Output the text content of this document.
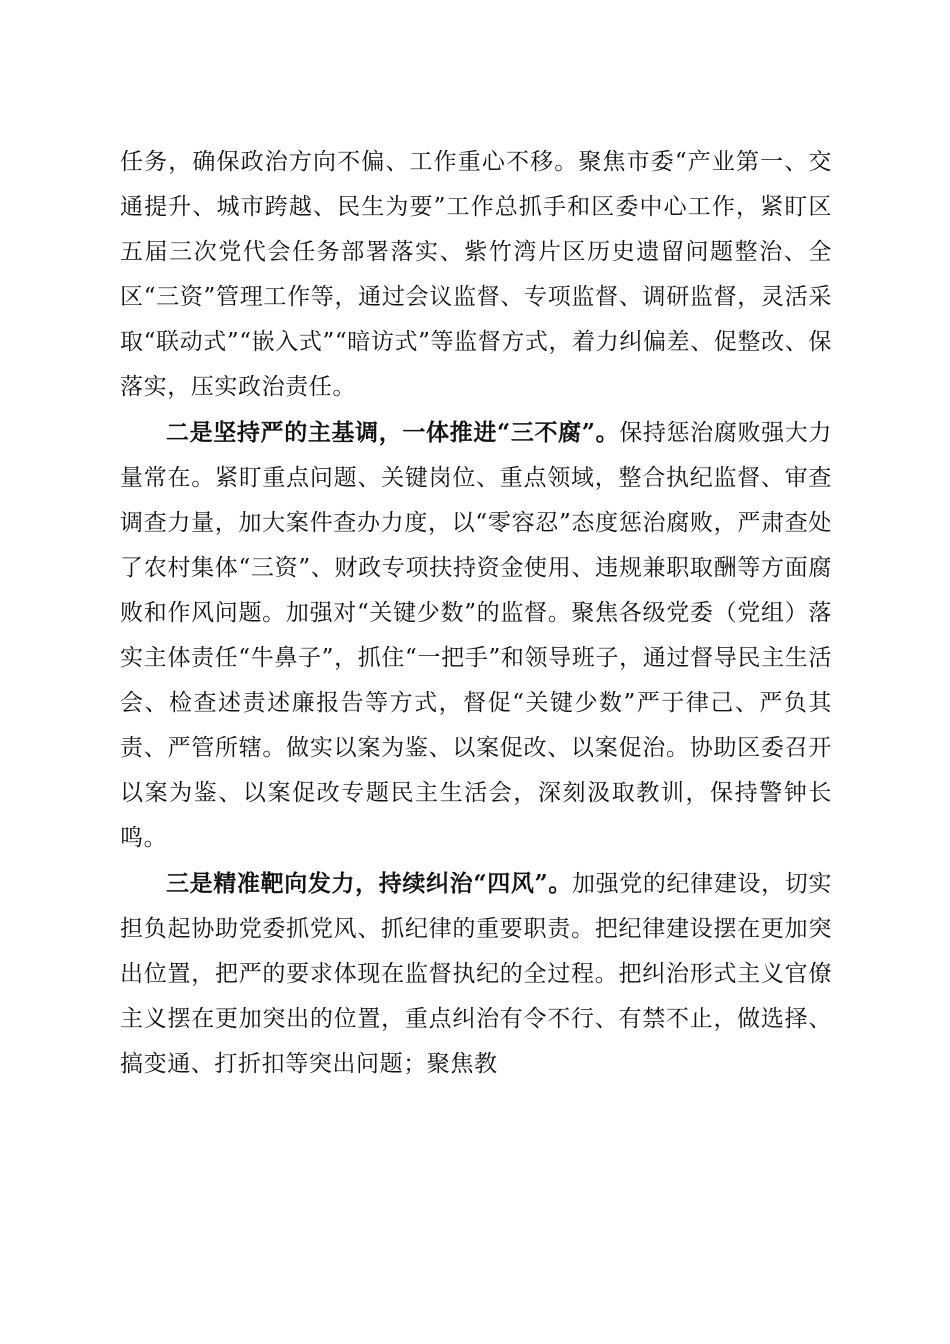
任务，确保政治方向不偏、工作重心不移。聚焦市委“产业第一、交通提升、城市跨越、民生为要”工作总抓手和区委中心工作，紧盯区五届三次党代会任务部署落实、紫竹湾片区历史遗留问题整治、全区“三资”管理工作等，通过会议监督、专项监督、调研监督，灵活采取“联动式”“嵌入式”“暗访式”等监督方式，着力纠偏差、促整改、保落实，压实政治责任。

二是坚持严的主基调，一体推进“三不腐”。保持惩治腐败强大力量常在。紧盯重点问题、关键岗位、重点领域，整合执纪监督、审查调查力量，加大案件查办力度，以“零容忍”态度惩治腐败，严肃查处了农村集体“三资”、财政专项扶持资金使用、违规兼职取酬等方面腐败和作风问题。加强对“关键少数”的监督。聚焦各级党委（党组）落实主体责任“牛鼻子”，抓住“一把手”和领导班子，通过督导民主生活会、检查述责述廉报告等方式，督促“关键少数”严于律己、严负其责、严管所辖。做实以案为鉴、以案促改、以案促治。协助区委召开以案为鉴、以案促改专题民主生活会，深刻汲取教训，保持警钟长鸣。

三是精准靶向发力，持续纠治“四风”。加强党的纪律建设，切实担负起协助党委抓党风、抓纪律的重要职责。把纪律建设摆在更加突出位置，把严的要求体现在监督执纪的全过程。把纠治形式主义官僚主义摆在更加突出的位置，重点纠治有令不行、有禁不止，做选择、搞变通、打折扣等突出问题；聚焦教
